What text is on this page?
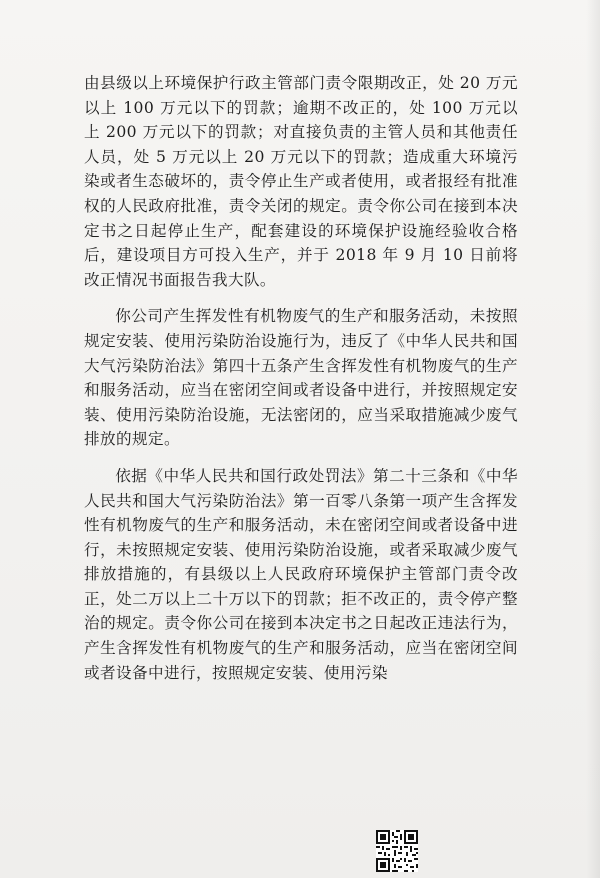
由县级以上环境保护行政主管部门责令限期改正，处 20 万元以上 100 万元以下的罚款；逾期不改正的，处 100 万元以上 200 万元以下的罚款；对直接负责的主管人员和其他责任人员，处 5 万元以上 20 万元以下的罚款；造成重大环境污染或者生态破坏的，责令停止生产或者使用，或者报经有批准权的人民政府批准，责令关闭的规定。责令你公司在接到本决定书之日起停止生产，配套建设的环境保护设施经验收合格后，建设项目方可投入生产，并于 2018 年 9 月 10 日前将改正情况书面报告我大队。

你公司产生挥发性有机物废气的生产和服务活动，未按照规定安装、使用污染防治设施行为，违反了《中华人民共和国大气污染防治法》第四十五条产生含挥发性有机物废气的生产和服务活动，应当在密闭空间或者设备中进行，并按照规定安装、使用污染防治设施，无法密闭的，应当采取措施减少废气排放的规定。

依据《中华人民共和国行政处罚法》第二十三条和《中华人民共和国大气污染防治法》第一百零八条第一项产生含挥发性有机物废气的生产和服务活动，未在密闭空间或者设备中进行，未按照规定安装、使用污染防治设施，或者采取减少废气排放措施的，有县级以上人民政府环境保护主管部门责令改正，处二万以上二十万以下的罚款；拒不改正的，责令停产整治的规定。责令你公司在接到本决定书之日起改正违法行为，产生含挥发性有机物废气的生产和服务活动，应当在密闭空间或者设备中进行，按照规定安装、使用污染
